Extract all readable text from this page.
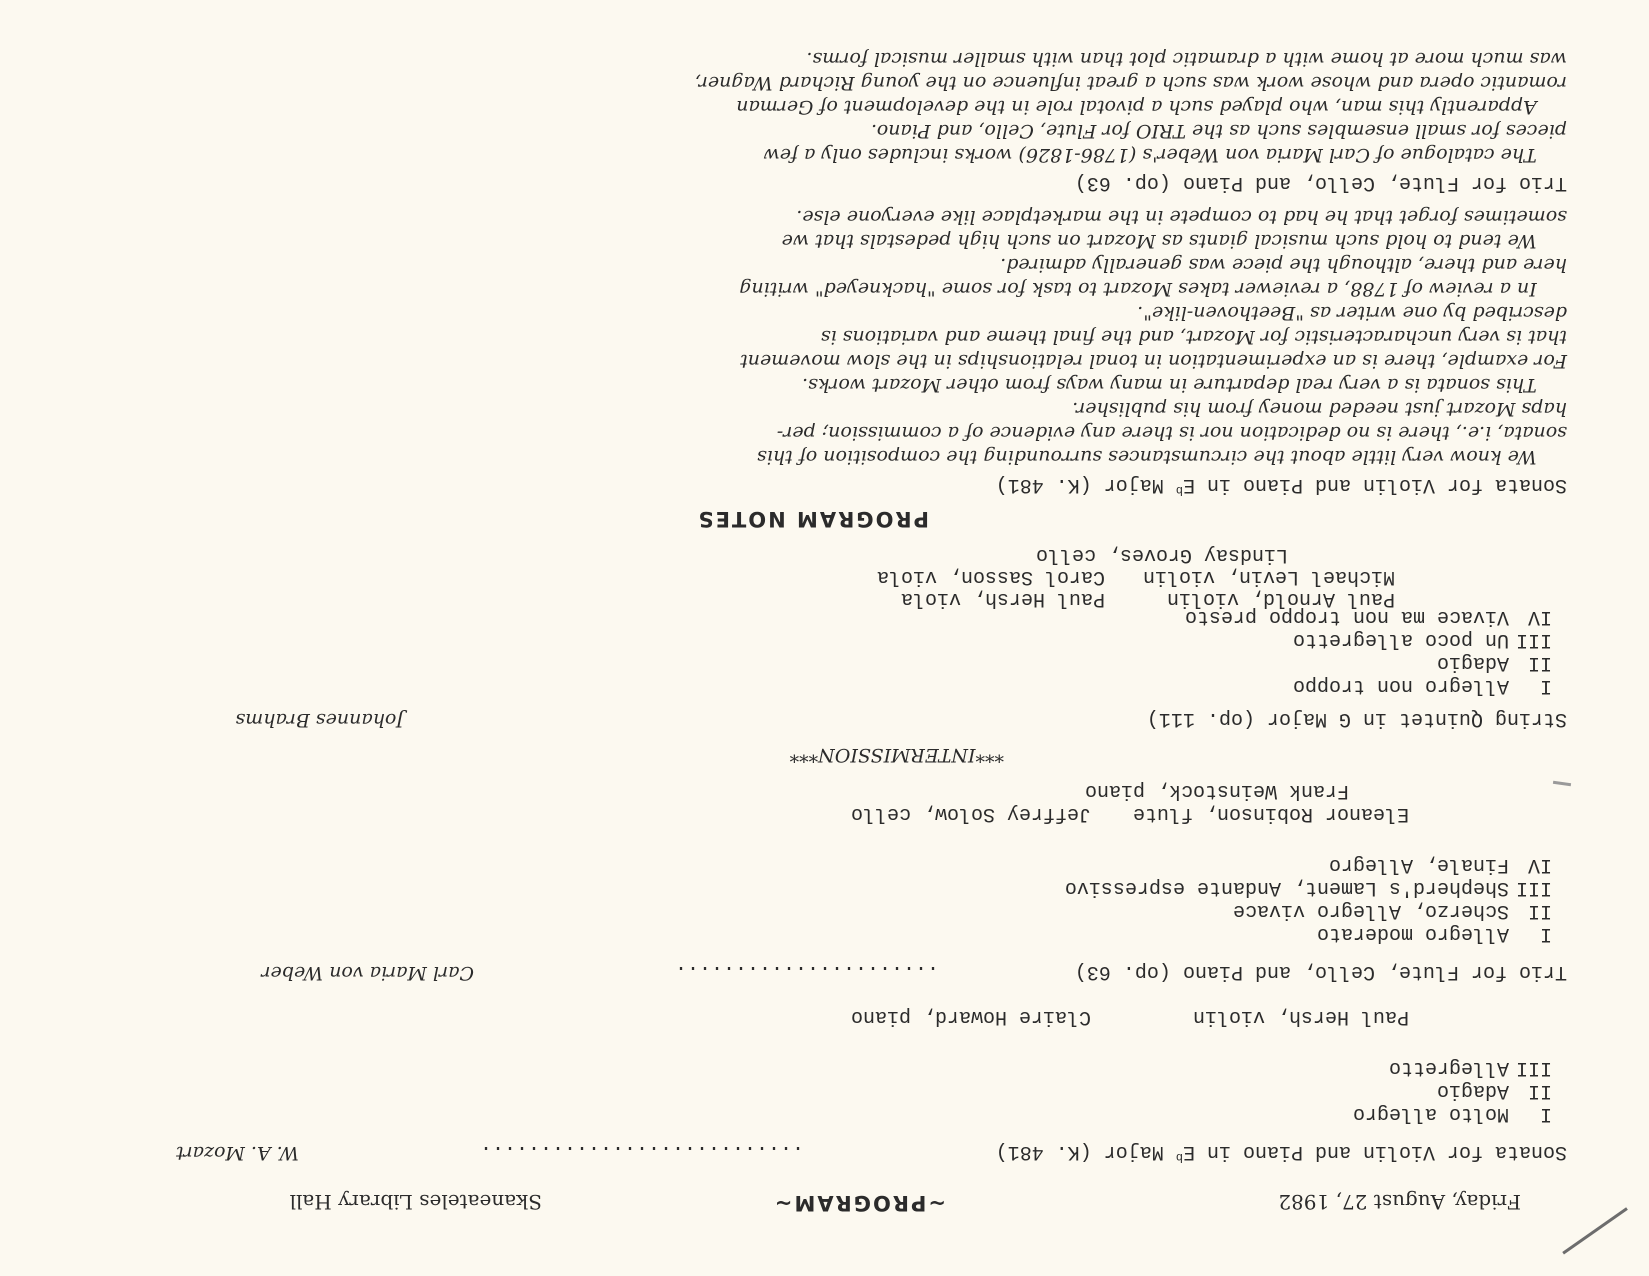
Friday, August 27, 1982
~PROGRAM~
Skaneateles Library Hall
Sonata for Violin and Piano in $E^b$ Major (K. 481)
...........................
W. A. Mozart
I
Molto allegro
II
Adagio
III
Allegretto
Paul Hersh, violin
Claire Howard, piano
Trio for Flute, Cello, and Piano (op. 63)
......................
Carl Maria von Weber
I
Allegro moderato
II
Scherzo, Allegro vivace
III
Shepherd's Lament, Andante espressivo
IV
Finale, Allegro
Eleanor Robinson, flute
Jeffrey Solow, cello
Frank Weinstock, piano
***INTERMISSION***
String Quintet in G Major (op. 111)
Johannes Brahms
I
Allegro non troppo
II
Adagio
III
Un poco allegretto
IV
Vivace ma non troppo presto
Paul Arnold, violin
Paul Hersh, viola
Michael Levin, violin
Carol Sasson, viola
Lindsay Groves, cello
PROGRAM NOTES
Sonata for Violin and Piano in $E^b$ Major (K. 481)
We know very little about the circumstances surrounding the composition of this
sonata, i.e., there is no dedication nor is there any evidence of a commission; per-
haps Mozart just needed money from his publisher.
This sonata is a very real departure in many ways from other Mozart works.
For example, there is an experimentation in tonal relationships in the slow movement
that is very uncharacteristic for Mozart, and the final theme and variations is
described by one writer as "Beethoven-like".
In a review of 1788, a reviewer takes Mozart to task for some "hackneyed" writing
here and there, although the piece was generally admired.
We tend to hold such musical giants as Mozart on such high pedestals that we
sometimes forget that he had to compete in the marketplace like everyone else.
Trio for Flute, Cello, and Piano (op. 63)
The catalogue of Carl Maria von Weber's (1786-1826) works includes only a few
pieces for small ensembles such as the TRIO for Flute, Cello, and Piano.
Apparently this man, who played such a pivotal role in the development of German
romantic opera and whose work was such a great influence on the young Richard Wagner,
was much more at home with a dramatic plot than with smaller musical forms.
